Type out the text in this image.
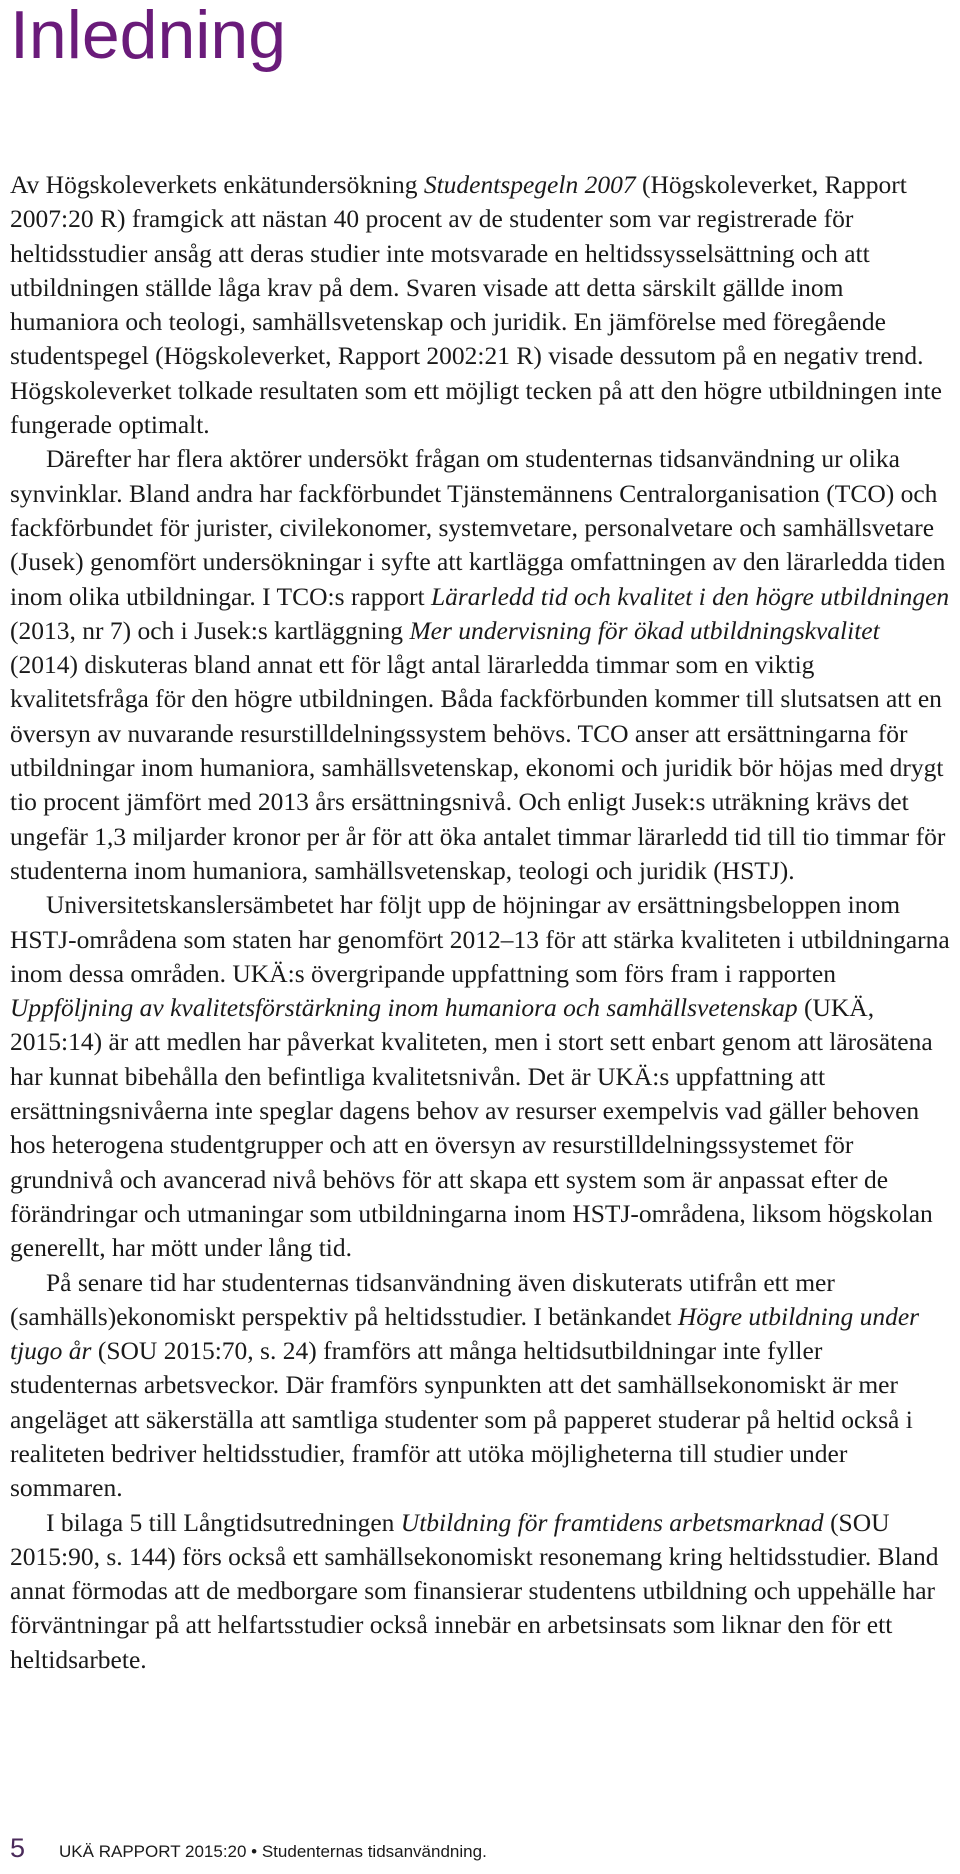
Inledning

Av Högskoleverkets enkätundersökning Studentspegeln 2007 (Högskoleverket, Rapport 2007:20 R) framgick att nästan 40 procent av de studenter som var registrerade för heltidsstudier ansåg att deras studier inte motsvarade en heltidssysselsättning och att utbildningen ställde låga krav på dem. Svaren visade att detta särskilt gällde inom humaniora och teologi, samhällsvetenskap och juridik. En jämförelse med föregående studentspegel (Högskoleverket, Rapport 2002:21 R) visade dessutom på en negativ trend. Högskoleverket tolkade resultaten som ett möjligt tecken på att den högre utbildningen inte fungerade optimalt.

Därefter har flera aktörer undersökt frågan om studenternas tidsanvändning ur olika synvinklar. Bland andra har fackförbundet Tjänstemännens Centralorganisation (TCO) och fackförbundet för jurister, civilekonomer, systemvetare, personalvetare och samhällsvetare (Jusek) genomfört undersökningar i syfte att kartlägga omfattningen av den lärarledda tiden inom olika utbildningar. I TCO:s rapport Lärarledd tid och kvalitet i den högre utbildningen (2013, nr 7) och i Jusek:s kartläggning Mer undervisning för ökad utbildningskvalitet (2014) diskuteras bland annat ett för lågt antal lärarledda timmar som en viktig kvalitetsfråga för den högre utbildningen. Båda fackförbunden kommer till slutsatsen att en översyn av nuvarande resurstilldelningssystem behövs. TCO anser att ersättningarna för utbildningar inom humaniora, samhällsvetenskap, ekonomi och juridik bör höjas med drygt tio procent jämfört med 2013 års ersättningsnivå. Och enligt Jusek:s uträkning krävs det ungefär 1,3 miljarder kronor per år för att öka antalet timmar lärarledd tid till tio timmar för studenterna inom humaniora, samhällsvetenskap, teologi och juridik (HSTJ).

Universitetskanslersämbetet har följt upp de höjningar av ersättningsbeloppen inom HSTJ-områdena som staten har genomfört 2012–13 för att stärka kvaliteten i utbildningarna inom dessa områden. UKÄ:s övergripande uppfattning som förs fram i rapporten Uppföljning av kvalitetsförstärkning inom humaniora och samhällsvetenskap (UKÄ, 2015:14) är att medlen har påverkat kvaliteten, men i stort sett enbart genom att lärosätena har kunnat bibehålla den befintliga kvalitetsnivån. Det är UKÄ:s uppfattning att ersättningsnivåerna inte speglar dagens behov av resurser exempelvis vad gäller behoven hos heterogena studentgrupper och att en översyn av resurstilldelningssystemet för grundnivå och avancerad nivå behövs för att skapa ett system som är anpassat efter de förändringar och utmaningar som utbildningarna inom HSTJ-områdena, liksom högskolan generellt, har mött under lång tid.

På senare tid har studenternas tidsanvändning även diskuterats utifrån ett mer (samhälls)ekonomiskt perspektiv på heltidsstudier. I betänkandet Högre utbildning under tjugo år (SOU 2015:70, s. 24) framförs att många heltidsutbildningar inte fyller studenternas arbetsveckor. Där framförs synpunkten att det samhällsekonomiskt är mer angeläget att säkerställa att samtliga studenter som på papperet studerar på heltid också i realiteten bedriver heltidsstudier, framför att utöka möjligheterna till studier under sommaren.

I bilaga 5 till Långtidsutredningen Utbildning för framtidens arbetsmarknad (SOU 2015:90, s. 144) förs också ett samhällsekonomiskt resonemang kring heltidsstudier. Bland annat förmodas att de medborgare som finansierar studentens utbildning och uppehälle har förväntningar på att helfartsstudier också innebär en arbetsinsats som liknar den för ett heltidsarbete.

5 UKÄ RAPPORT 2015:20 • Studenternas tidsanvändning.
